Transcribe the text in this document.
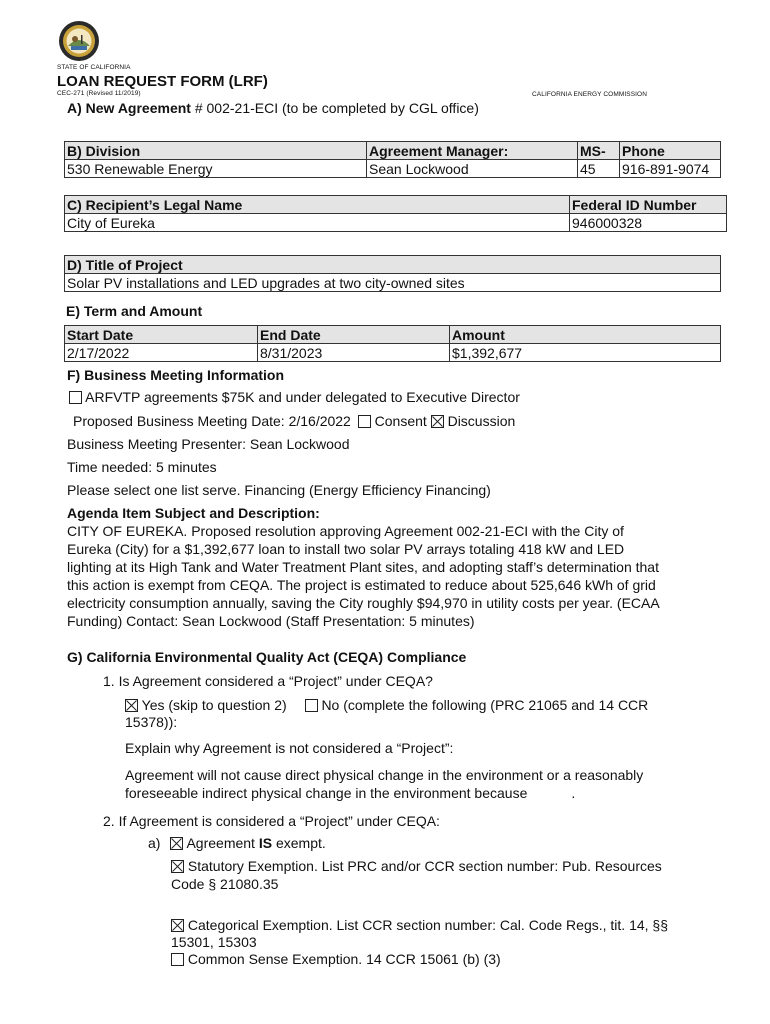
STATE OF CALIFORNIA
LOAN REQUEST FORM (LRF)
CEC-271 (Revised 11/2019)	CALIFORNIA ENERGY COMMISSION
A) New Agreement # 002-21-ECI (to be completed by CGL office)
B) Division	Agreement Manager:	MS-	Phone
530 Renewable Energy	Sean Lockwood	45	916-891-9074
C) Recipient’s Legal Name	Federal ID Number
City of Eureka	946000328
D) Title of Project
Solar PV installations and LED upgrades at two city-owned sites
E) Term and Amount
Start Date	End Date	Amount
2/17/2022	8/31/2023	$1,392,677
F) Business Meeting Information
ARFVTP agreements $75K and under delegated to Executive Director
Proposed Business Meeting Date: 2/16/2022 Consent Discussion
Business Meeting Presenter: Sean Lockwood
Time needed: 5 minutes
Please select one list serve. Financing (Energy Efficiency Financing)
Agenda Item Subject and Description:
CITY OF EUREKA. Proposed resolution approving Agreement 002-21-ECI with the City of
Eureka (City) for a $1,392,677 loan to install two solar PV arrays totaling 418 kW and LED
lighting at its High Tank and Water Treatment Plant sites, and adopting staff’s determination that
this action is exempt from CEQA. The project is estimated to reduce about 525,646 kWh of grid
electricity consumption annually, saving the City roughly $94,970 in utility costs per year. (ECAA
Funding) Contact: Sean Lockwood (Staff Presentation: 5 minutes)
G) California Environmental Quality Act (CEQA) Compliance
1. Is Agreement considered a “Project” under CEQA?
Yes (skip to question 2) No (complete the following (PRC 21065 and 14 CCR
15378)):
Explain why Agreement is not considered a “Project”:
Agreement will not cause direct physical change in the environment or a reasonably
foreseeable indirect physical change in the environment because	.
2. If Agreement is considered a “Project” under CEQA:
a) Agreement IS exempt.
Statutory Exemption. List PRC and/or CCR section number: Pub. Resources
Code § 21080.35
Categorical Exemption. List CCR section number: Cal. Code Regs., tit. 14, §§
15301, 15303
Common Sense Exemption. 14 CCR 15061 (b) (3)
